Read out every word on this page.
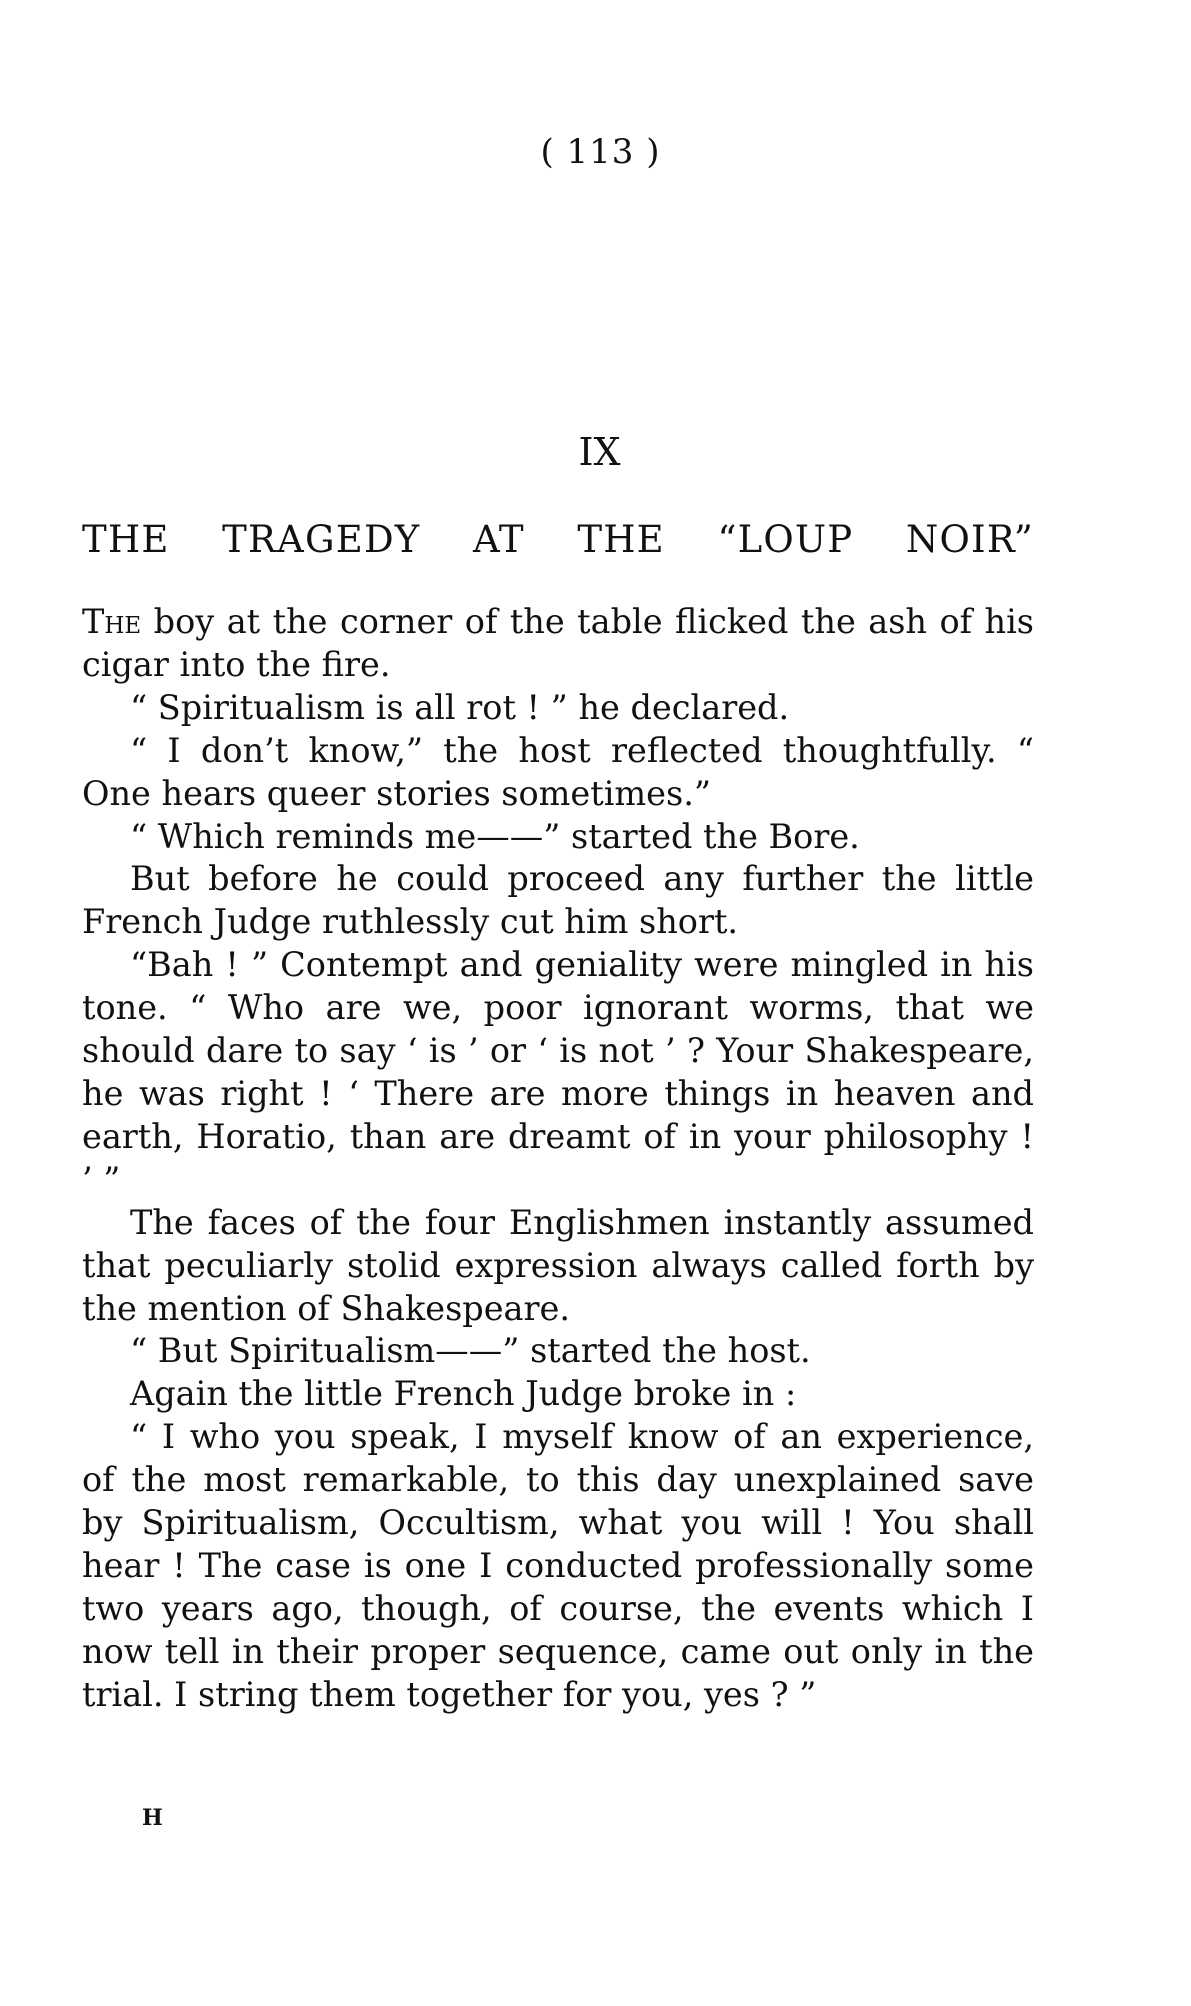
( 113 )
IX
THE TRAGEDY AT THE “LOUP NOIR”

The boy at the corner of the table flicked the ash of his cigar into the fire.

“ Spiritualism is all rot ! ” he declared.

“ I don’t know,” the host reflected thoughtfully. “ One hears queer stories sometimes.”

“ Which reminds me——” started the Bore.

But before he could proceed any further the little French Judge ruthlessly cut him short.

“Bah ! ” Contempt and geniality were mingled in his tone. “ Who are we, poor ignorant worms, that we should dare to say ‘ is ’ or ‘ is not ’ ? Your Shakespeare, he was right ! ‘ There are more things in heaven and earth, Horatio, than are dreamt of in your philosophy ! ’ ”

The faces of the four Englishmen instantly assumed that peculiarly stolid expression always called forth by the mention of Shakespeare.

“ But Spiritualism——” started the host.

Again the little French Judge broke in :

“ I who you speak, I myself know of an experience, of the most remarkable, to this day unexplained save by Spiritualism, Occultism, what you will ! You shall hear ! The case is one I conducted professionally some two years ago, though, of course, the events which I now tell in their proper sequence, came out only in the trial. I string them together for you, yes ? ”

H
